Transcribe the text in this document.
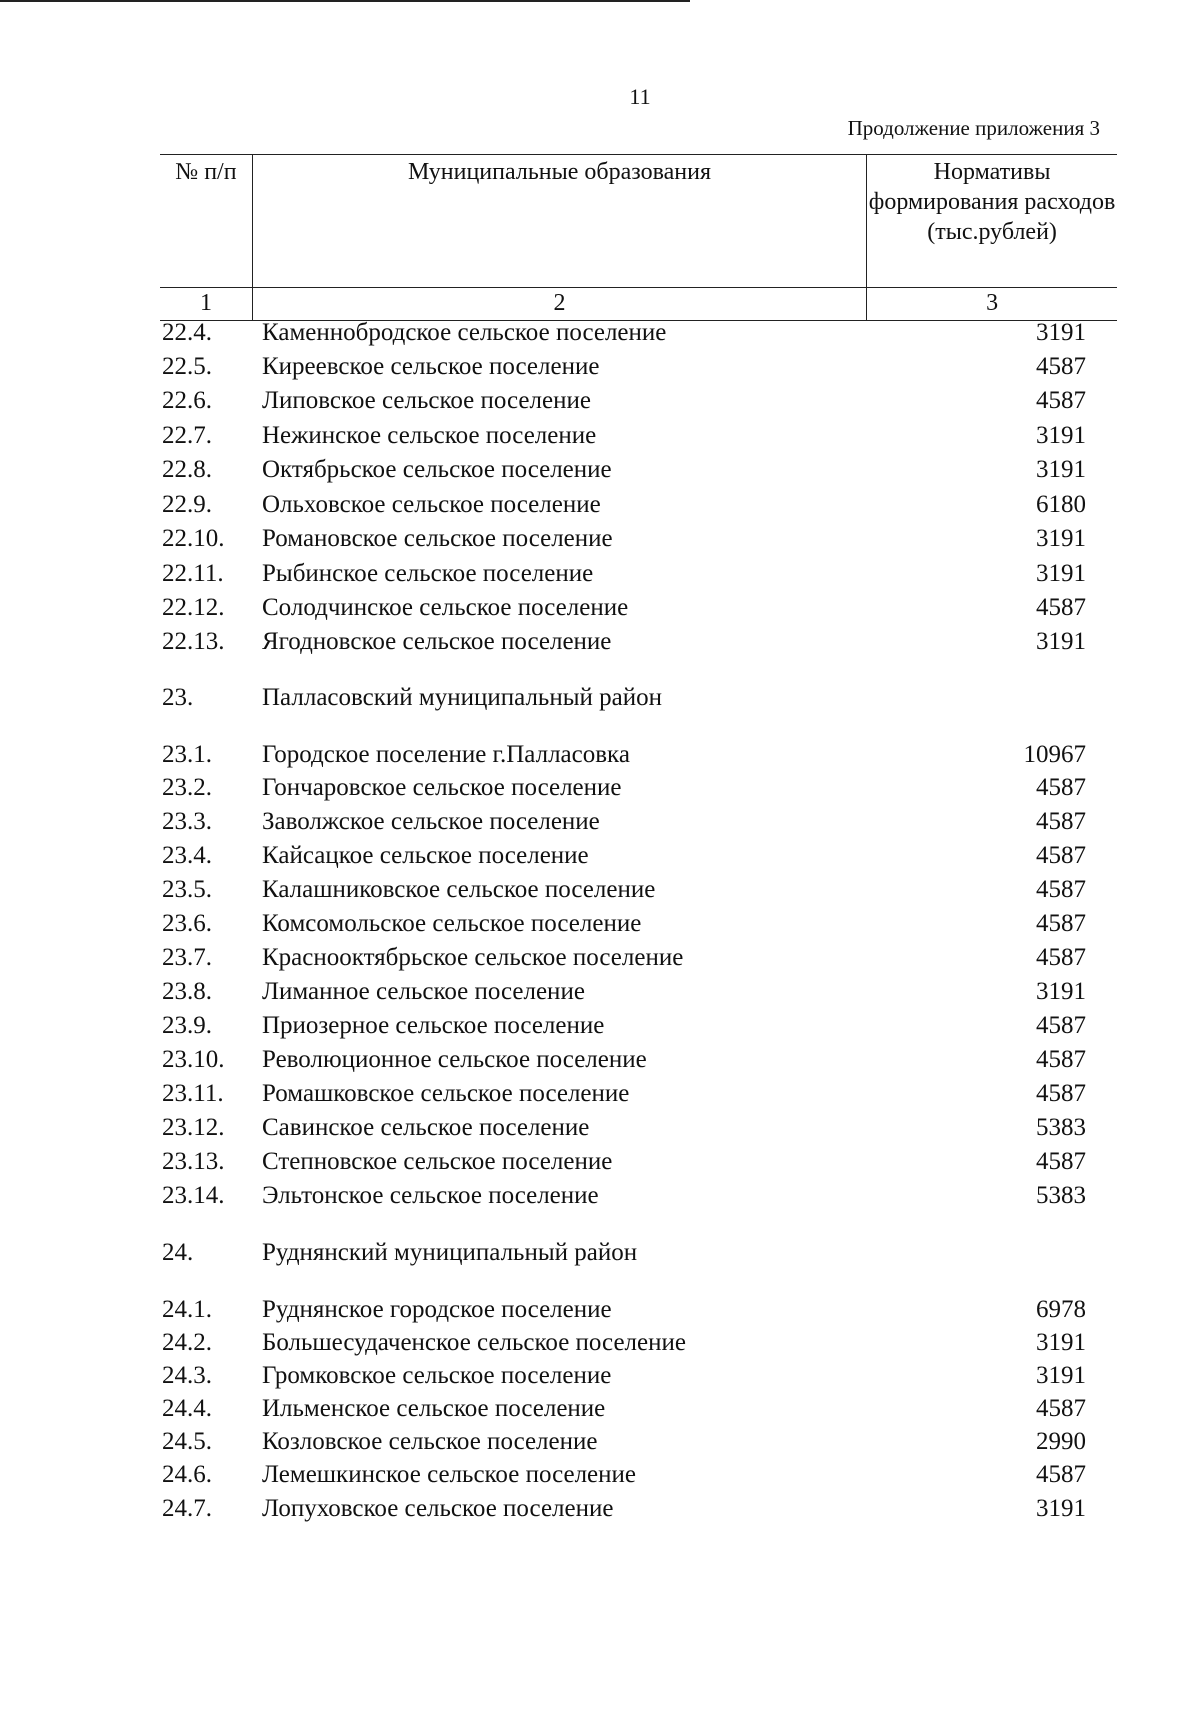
11
Продолжение приложения 3
№ п/п	Муниципальные образования	Нормативы формирования расходов (тыс.рублей)
1	2	3
22.4. Каменнобродское сельское поселение	3191
22.5. Киреевское сельское поселение	4587
22.6. Липовское сельское поселение	4587
22.7. Нежинское сельское поселение	3191
22.8. Октябрьское сельское поселение	3191
22.9. Ольховское сельское поселение	6180
22.10. Романовское сельское поселение	3191
22.11. Рыбинское сельское поселение	3191
22.12. Солодчинское сельское поселение	4587
22.13. Ягодновское сельское поселение	3191
23.	Палласовский муниципальный район
23.1. Городское поселение г.Палласовка	10967
23.2. Гончаровское сельское поселение	4587
23.3. Заволжское сельское поселение	4587
23.4. Кайсацкое сельское поселение	4587
23.5. Калашниковское сельское поселение	4587
23.6. Комсомольское сельское поселение	4587
23.7. Краснооктябрьское сельское поселение	4587
23.8. Лиманное сельское поселение	3191
23.9. Приозерное сельское поселение	4587
23.10. Революционное сельское поселение	4587
23.11. Ромашковское сельское поселение	4587
23.12. Савинское сельское поселение	5383
23.13. Степновское сельское поселение	4587
23.14. Эльтонское сельское поселение	5383
24.	Руднянский муниципальный район
24.1. Руднянское городское поселение	6978
24.2. Большесудаченское сельское поселение	3191
24.3. Громковское сельское поселение	3191
24.4. Ильменское сельское поселение	4587
24.5. Козловское сельское поселение	2990
24.6. Лемешкинское сельское поселение	4587
24.7. Лопуховское сельское поселение	3191
